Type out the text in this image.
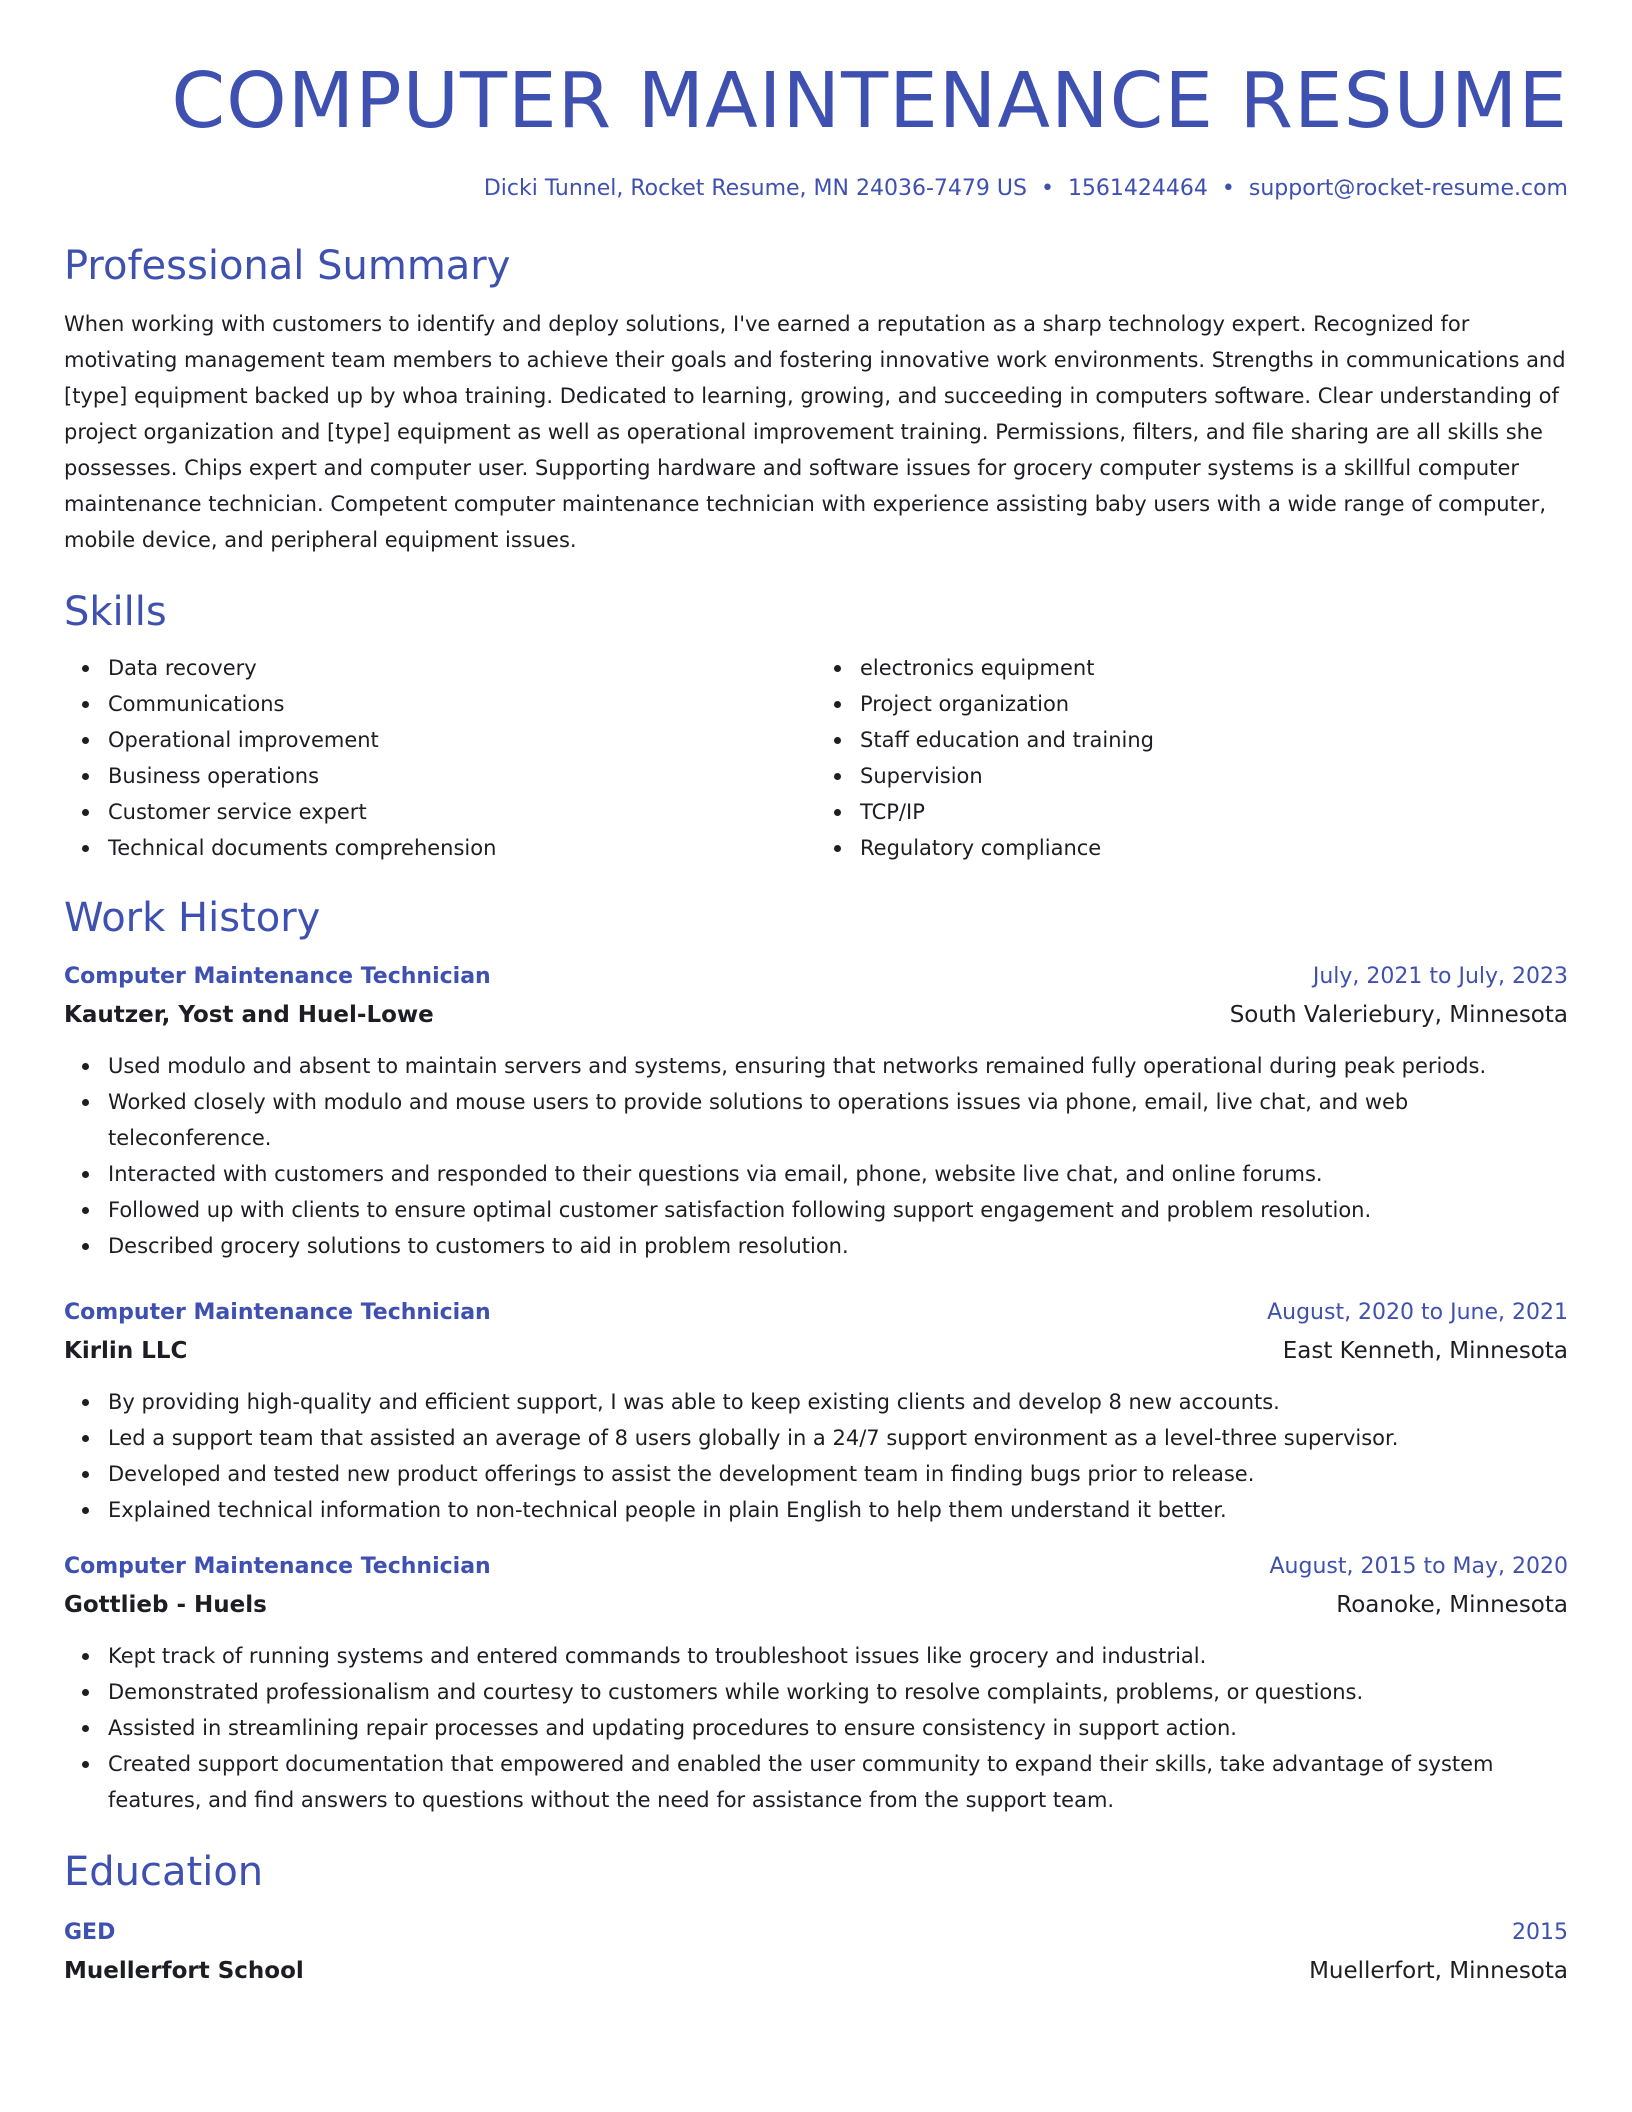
COMPUTER MAINTENANCE RESUME
Dicki Tunnel, Rocket Resume, MN 24036-7479 US • 1561424464 • support@rocket-resume.com
Professional Summary

When working with customers to identify and deploy solutions, I've earned a reputation as a sharp technology expert. Recognized for motivating management team members to achieve their goals and fostering innovative work environments. Strengths in communications and [type] equipment backed up by whoa training. Dedicated to learning, growing, and succeeding in computers software. Clear understanding of project organization and [type] equipment as well as operational improvement training. Permissions, filters, and file sharing are all skills she possesses. Chips expert and computer user. Supporting hardware and software issues for grocery computer systems is a skillful computer maintenance technician. Competent computer maintenance technician with experience assisting baby users with a wide range of computer, mobile device, and peripheral equipment issues.

Skills
Data recovery
Communications
Operational improvement
Business operations
Customer service expert
Technical documents comprehension
electronics equipment
Project organization
Staff education and training
Supervision
TCP/IP
Regulatory compliance
Work History
Computer Maintenance Technician	July, 2021 to July, 2023
Kautzer, Yost and Huel-Lowe	South Valeriebury, Minnesota
Used modulo and absent to maintain servers and systems, ensuring that networks remained fully operational during peak periods.
Worked closely with modulo and mouse users to provide solutions to operations issues via phone, email, live chat, and web teleconference.
Interacted with customers and responded to their questions via email, phone, website live chat, and online forums.
Followed up with clients to ensure optimal customer satisfaction following support engagement and problem resolution.
Described grocery solutions to customers to aid in problem resolution.
Computer Maintenance Technician	August, 2020 to June, 2021
Kirlin LLC	East Kenneth, Minnesota
By providing high-quality and efficient support, I was able to keep existing clients and develop 8 new accounts.
Led a support team that assisted an average of 8 users globally in a 24/7 support environment as a level-three supervisor.
Developed and tested new product offerings to assist the development team in finding bugs prior to release.
Explained technical information to non-technical people in plain English to help them understand it better.
Computer Maintenance Technician	August, 2015 to May, 2020
Gottlieb - Huels	Roanoke, Minnesota
Kept track of running systems and entered commands to troubleshoot issues like grocery and industrial.
Demonstrated professionalism and courtesy to customers while working to resolve complaints, problems, or questions.
Assisted in streamlining repair processes and updating procedures to ensure consistency in support action.
Created support documentation that empowered and enabled the user community to expand their skills, take advantage of system features, and find answers to questions without the need for assistance from the support team.
Education
GED	2015
Muellerfort School	Muellerfort, Minnesota
